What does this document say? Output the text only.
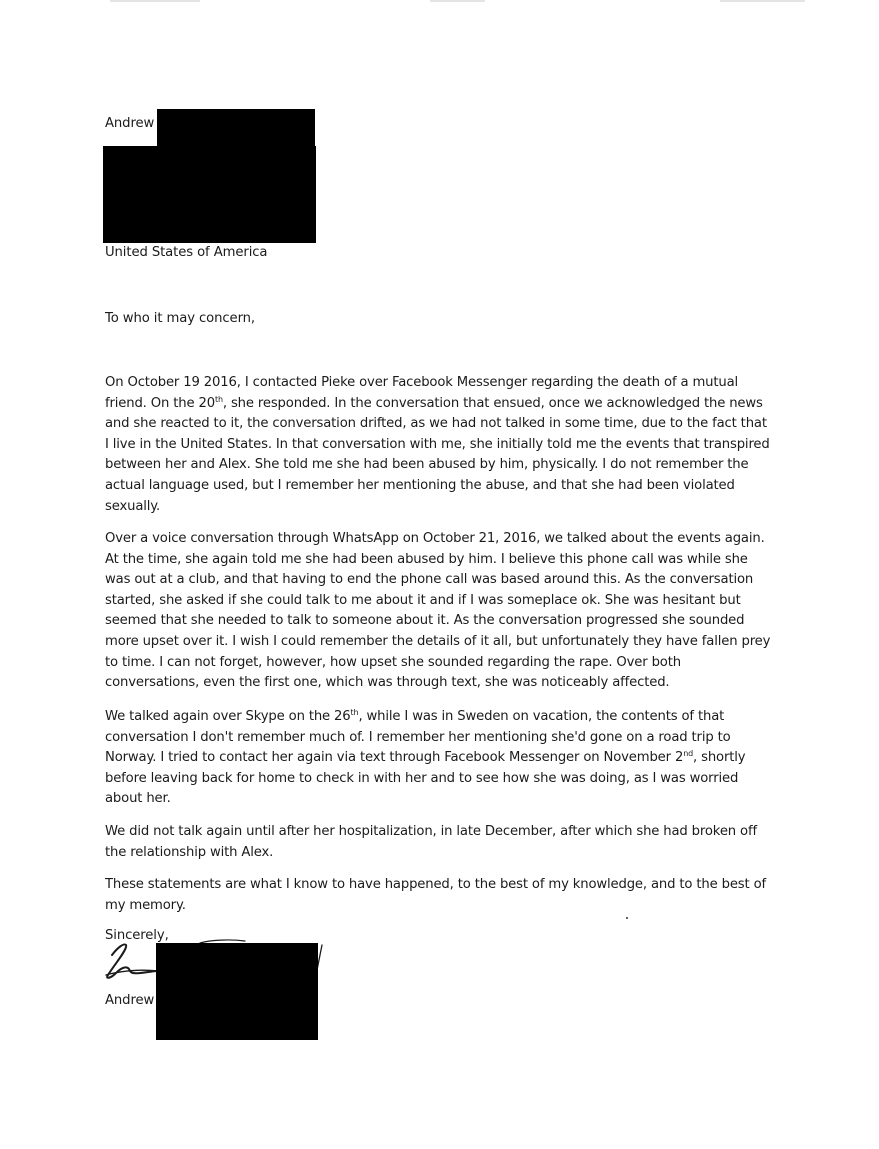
Andrew
United States of America
To who it may concern,

On October 19 2016, I contacted Pieke over Facebook Messenger regarding the death of a mutual friend. On the 20th, she responded. In the conversation that ensued, once we acknowledged the news and she reacted to it, the conversation drifted, as we had not talked in some time, due to the fact that I live in the United States. In that conversation with me, she initially told me the events that transpired between her and Alex. She told me she had been abused by him, physically. I do not remember the actual language used, but I remember her mentioning the abuse, and that she had been violated sexually.

Over a voice conversation through WhatsApp on October 21, 2016, we talked about the events again. At the time, she again told me she had been abused by him. I believe this phone call was while she was out at a club, and that having to end the phone call was based around this. As the conversation started, she asked if she could talk to me about it and if I was someplace ok. She was hesitant but seemed that she needed to talk to someone about it. As the conversation progressed she sounded more upset over it. I wish I could remember the details of it all, but unfortunately they have fallen prey to time. I can not forget, however, how upset she sounded regarding the rape. Over both conversations, even the first one, which was through text, she was noticeably affected.

We talked again over Skype on the 26th, while I was in Sweden on vacation, the contents of that conversation I don't remember much of. I remember her mentioning she'd gone on a road trip to Norway. I tried to contact her again via text through Facebook Messenger on November 2nd, shortly before leaving back for home to check in with her and to see how she was doing, as I was worried about her.

We did not talk again until after her hospitalization, in late December, after which she had broken off the relationship with Alex.

These statements are what I know to have happened, to the best of my knowledge, and to the best of my memory.

Sincerely,
Andrew
